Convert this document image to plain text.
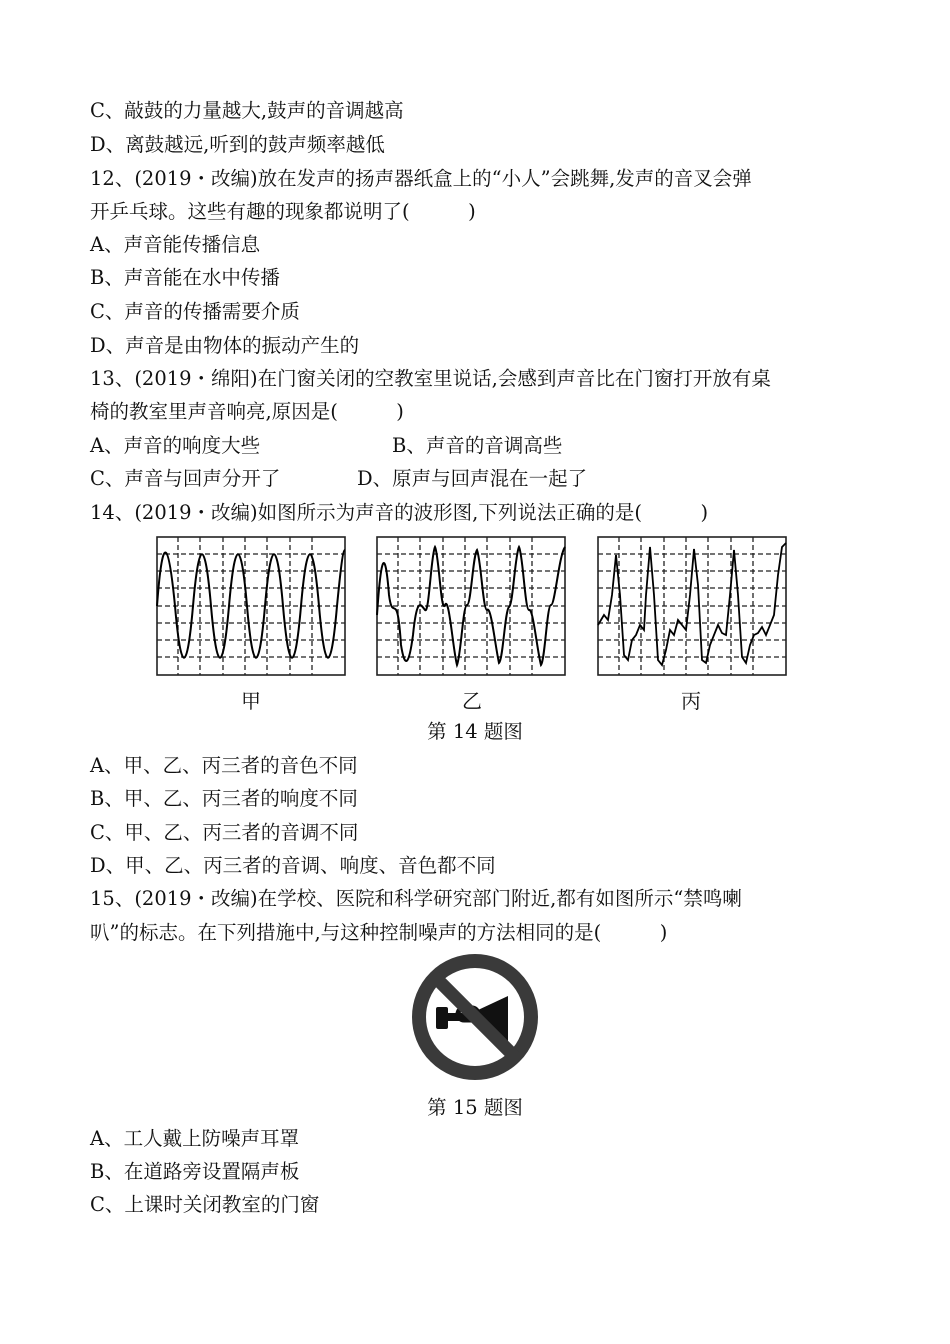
C、敲鼓的力量越大,鼓声的音调越高
D、离鼓越远,听到的鼓声频率越低
12、(2019・改编)放在发声的扬声器纸盒上的“小人”会跳舞,发声的音叉会弹
开乒乓球。这些有趣的现象都说明了(　　　)
A、声音能传播信息
B、声音能在水中传播
C、声音的传播需要介质
D、声音是由物体的振动产生的
13、(2019・绵阳)在门窗关闭的空教室里说话,会感到声音比在门窗打开放有桌
椅的教室里声音响亮,原因是(　　　)
A、声音的响度大些	B、声音的音调高些
C、声音与回声分开了	D、原声与回声混在一起了
14、(2019・改编)如图所示为声音的波形图,下列说法正确的是(　　　)
甲	乙	丙
第 14 题图
A、甲、乙、丙三者的音色不同
B、甲、乙、丙三者的响度不同
C、甲、乙、丙三者的音调不同
D、甲、乙、丙三者的音调、响度、音色都不同
15、(2019・改编)在学校、医院和科学研究部门附近,都有如图所示“禁鸣喇
叭”的标志。在下列措施中,与这种控制噪声的方法相同的是(　　　)
第 15 题图
A、工人戴上防噪声耳罩
B、在道路旁设置隔声板
C、上课时关闭教室的门窗
